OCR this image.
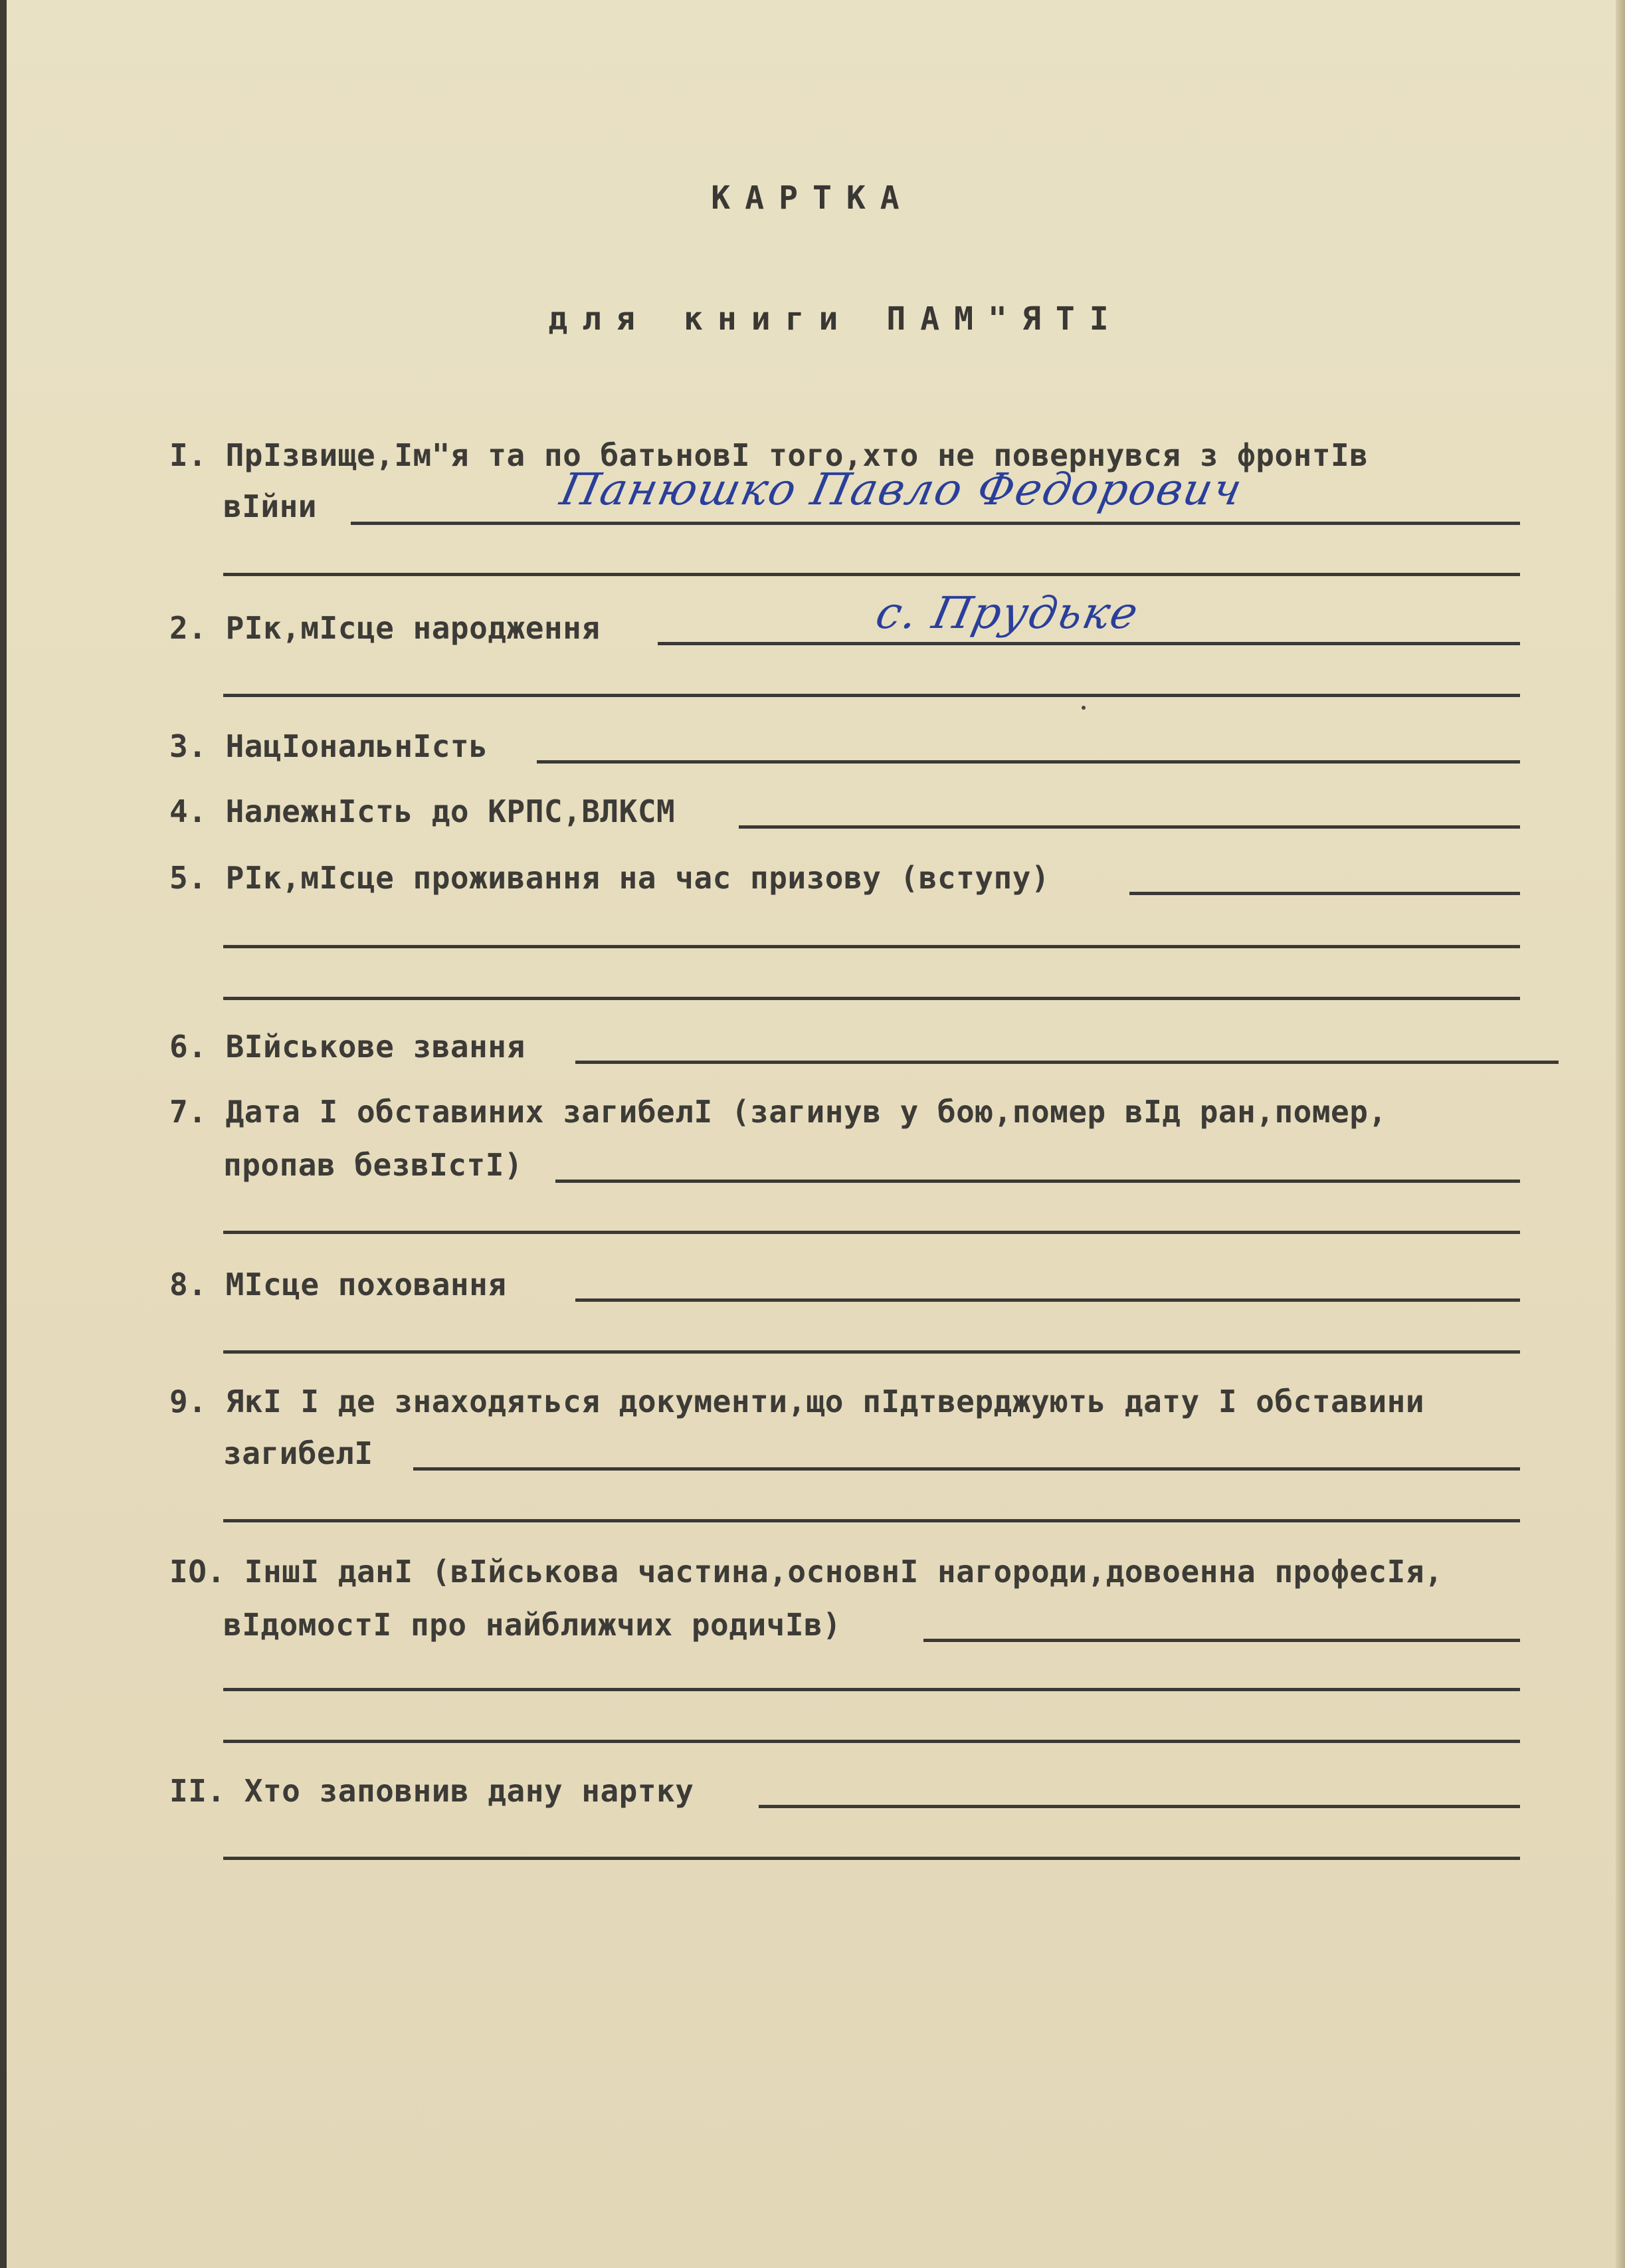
КАРТКА
для книги ПАМ"ЯТІ
I. ПрIзвище,Iм"я та по батьновI того,хто не повернувся з фронтIв
вIйни	Панюшко Павло Федорович
2. РIк,мIсце народження	с. Прудьке
3. НацIональнIсть
4. НалежнIсть до КРПС,ВЛКСМ
5. РIк,мIсце проживання на час призову (вступу)
6. ВIйськове звання
7. Дата I обставиних загибелI (загинув у бою,помер вIд ран,помер,
пропав безвIстI)
8. МIсце поховання
9. ЯкI I де знаходяться документи,що пIдтверджують дату I обставини
загибелI
IO. IншI данI (вIйськова частина,основнI нагороди,довоенна професIя,
вIдомостI про найближчих родичIв)
II. Хто заповнив дану нартку
